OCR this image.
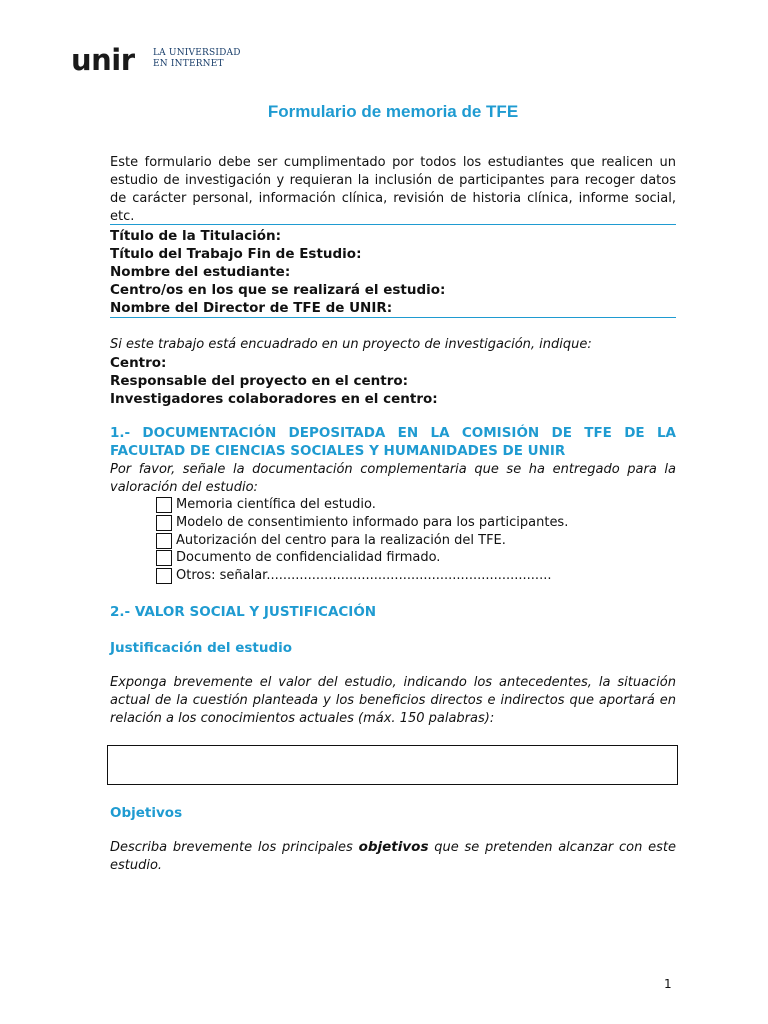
unir LA UNIVERSIDAD
EN INTERNET
Formulario de memoria de TFE
Este formulario debe ser cumplimentado por todos los estudiantes que realicen un estudio de investigación y requieran la inclusión de participantes para recoger datos de carácter personal, información clínica, revisión de historia clínica, informe social, etc.
Título de la Titulación:
Título del Trabajo Fin de Estudio:
Nombre del estudiante:
Centro/os en los que se realizará el estudio:
Nombre del Director de TFE de UNIR:
Si este trabajo está encuadrado en un proyecto de investigación, indique:
Centro:
Responsable del proyecto en el centro:
Investigadores colaboradores en el centro:
1.- DOCUMENTACIÓN DEPOSITADA EN LA COMISIÓN DE TFE DE LA FACULTAD DE CIENCIAS SOCIALES Y HUMANIDADES DE UNIR
Por favor, señale la documentación complementaria que se ha entregado para la valoración del estudio:
Memoria científica del estudio.
Modelo de consentimiento informado para los participantes.
Autorización del centro para la realización del TFE.
Documento de confidencialidad firmado.
Otros: señalar.....................................................................
2.- VALOR SOCIAL Y JUSTIFICACIÓN
Justificación del estudio
Exponga brevemente el valor del estudio, indicando los antecedentes, la situación actual de la cuestión planteada y los beneficios directos e indirectos que aportará en relación a los conocimientos actuales (máx. 150 palabras):
Objetivos
Describa brevemente los principales objetivos que se pretenden alcanzar con este estudio.
1
